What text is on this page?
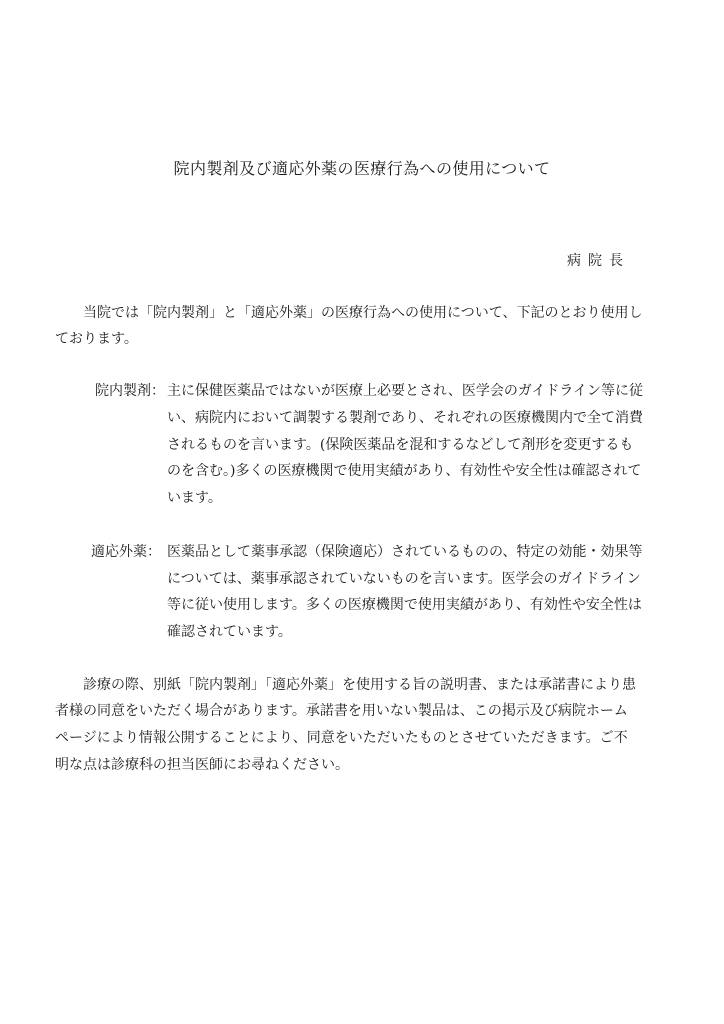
院内製剤及び適応外薬の医療行為への使用について
病院長
当院では「院内製剤」と「適応外薬」の医療行為への使用について、下記のとおり使用し
ております。
院内製剤： 主に保健医薬品ではないが医療上必要とされ、医学会のガイドライン等に従
い、病院内において調製する製剤であり、それぞれの医療機関内で全て消費
されるものを言います。(保険医薬品を混和するなどして剤形を変更するも
のを含む。)多くの医療機関で使用実績があり、有効性や安全性は確認されて
います。
適応外薬： 医薬品として薬事承認（保険適応）されているものの、特定の効能・効果等
については、薬事承認されていないものを言います。医学会のガイドライン
等に従い使用します。多くの医療機関で使用実績があり、有効性や安全性は
確認されています。
診療の際、別紙「院内製剤」「適応外薬」を使用する旨の説明書、または承諾書により患
者様の同意をいただく場合があります。承諾書を用いない製品は、この掲示及び病院ホーム
ページにより情報公開することにより、同意をいただいたものとさせていただきます。ご不
明な点は診療科の担当医師にお尋ねください。
